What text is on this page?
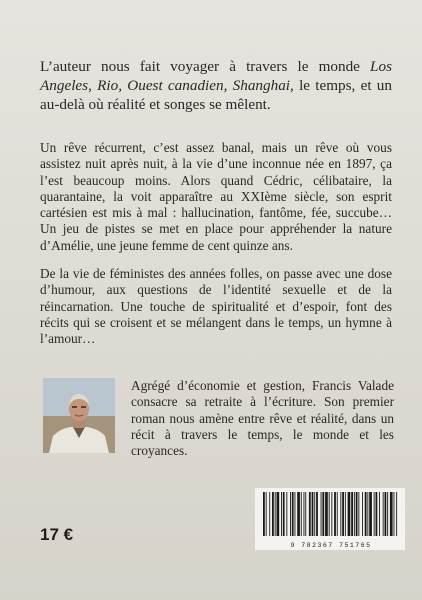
L’auteur nous fait voyager à travers le monde Los Angeles, Rio, Ouest canadien, Shanghai, le temps, et un au-delà où réalité et songes se mêlent.

Un rêve récurrent, c’est assez banal, mais un rêve où vous assistez nuit après nuit, à la vie d’une inconnue née en 1897, ça l’est beaucoup moins. Alors quand Cédric, célibataire, la quarantaine, la voit apparaître au XXIème siècle, son esprit cartésien est mis à mal : hallucination, fantôme, fée, succube… Un jeu de pistes se met en place pour appréhender la nature d’Amélie, une jeune femme de cent quinze ans.

De la vie de féministes des années folles, on passe avec une dose d’humour, aux questions de l’identité sexuelle et de la réincarnation. Une touche de spiritualité et d’espoir, font des récits qui se croisent et se mélangent dans le temps, un hymne à l’amour…

Agrégé d’économie et gestion, Francis Valade consacre sa retraite à l’écriture. Son premier roman nous amène entre rêve et réalité, dans un récit à travers le temps, le monde et les croyances.

17 €
9 782367 751765
